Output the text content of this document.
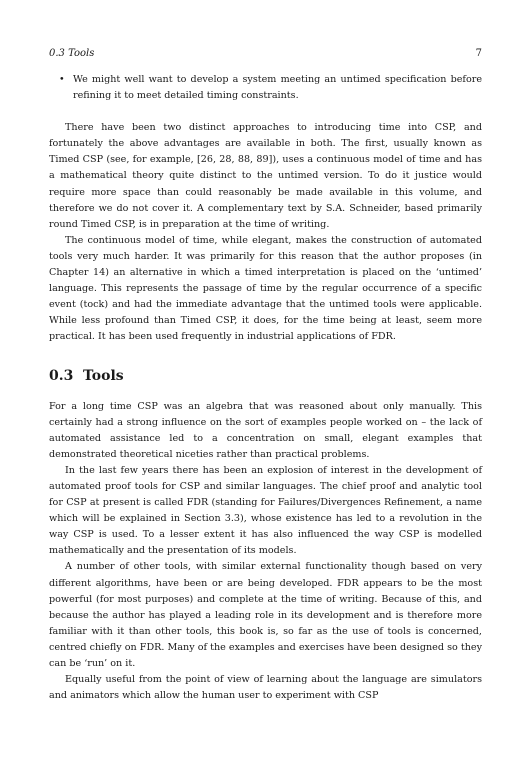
0.3 Tools	7
• We might well want to develop a system meeting an untimed specification before refining it to meet detailed timing constraints.

There have been two distinct approaches to introducing time into CSP, and fortunately the above advantages are available in both. The first, usually known as Timed CSP (see, for example, [26, 28, 88, 89]), uses a continuous model of time and has a mathematical theory quite distinct to the untimed version. To do it justice would require more space than could reasonably be made available in this volume, and therefore we do not cover it. A complementary text by S.A. Schneider, based primarily round Timed CSP, is in preparation at the time of writing.

The continuous model of time, while elegant, makes the construction of automated tools very much harder. It was primarily for this reason that the author proposes (in Chapter 14) an alternative in which a timed interpretation is placed on the ‘untimed’ language. This represents the passage of time by the regular occurrence of a specific event (tock) and had the immediate advantage that the untimed tools were applicable. While less profound than Timed CSP, it does, for the time being at least, seem more practical. It has been used frequently in industrial applications of FDR.

0.3 Tools

For a long time CSP was an algebra that was reasoned about only manually. This certainly had a strong influence on the sort of examples people worked on – the lack of automated assistance led to a concentration on small, elegant examples that demonstrated theoretical niceties rather than practical problems.

In the last few years there has been an explosion of interest in the development of automated proof tools for CSP and similar languages. The chief proof and analytic tool for CSP at present is called FDR (standing for Failures/Divergences Refinement, a name which will be explained in Section 3.3), whose existence has led to a revolution in the way CSP is used. To a lesser extent it has also influenced the way CSP is modelled mathematically and the presentation of its models.

A number of other tools, with similar external functionality though based on very different algorithms, have been or are being developed. FDR appears to be the most powerful (for most purposes) and complete at the time of writing. Because of this, and because the author has played a leading role in its development and is therefore more familiar with it than other tools, this book is, so far as the use of tools is concerned, centred chiefly on FDR. Many of the examples and exercises have been designed so they can be ‘run’ on it.

Equally useful from the point of view of learning about the language are simulators and animators which allow the human user to experiment with CSP
